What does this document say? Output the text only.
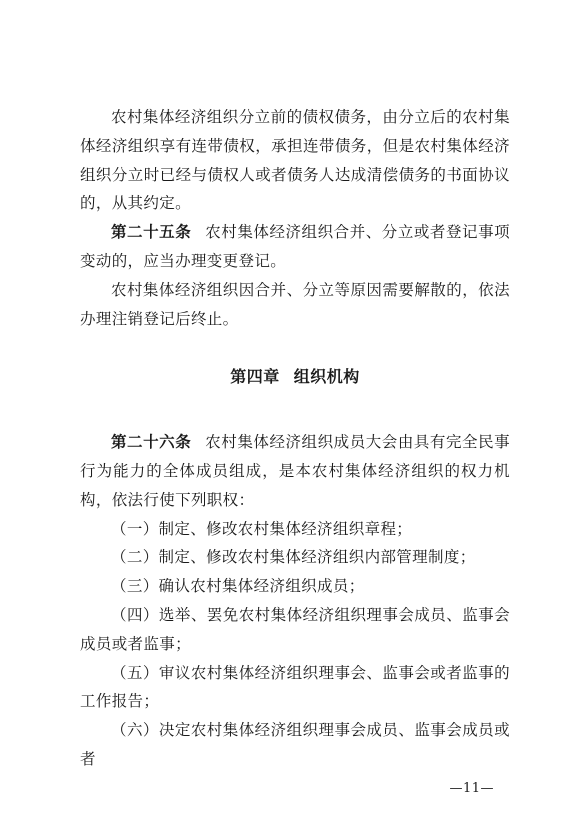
农村集体经济组织分立前的债权债务，由分立后的农村集体经济组织享有连带债权，承担连带债务，但是农村集体经济组织分立时已经与债权人或者债务人达成清偿债务的书面协议的，从其约定。

第二十五条 农村集体经济组织合并、分立或者登记事项变动的，应当办理变更登记。

农村集体经济组织因合并、分立等原因需要解散的，依法办理注销登记后终止。

第四章 组织机构

第二十六条 农村集体经济组织成员大会由具有完全民事行为能力的全体成员组成，是本农村集体经济组织的权力机构，依法行使下列职权：

（一）制定、修改农村集体经济组织章程；

（二）制定、修改农村集体经济组织内部管理制度；

（三）确认农村集体经济组织成员；

（四）选举、罢免农村集体经济组织理事会成员、监事会成员或者监事；

（五）审议农村集体经济组织理事会、监事会或者监事的工作报告；

（六）决定农村集体经济组织理事会成员、监事会成员或者

—11—
